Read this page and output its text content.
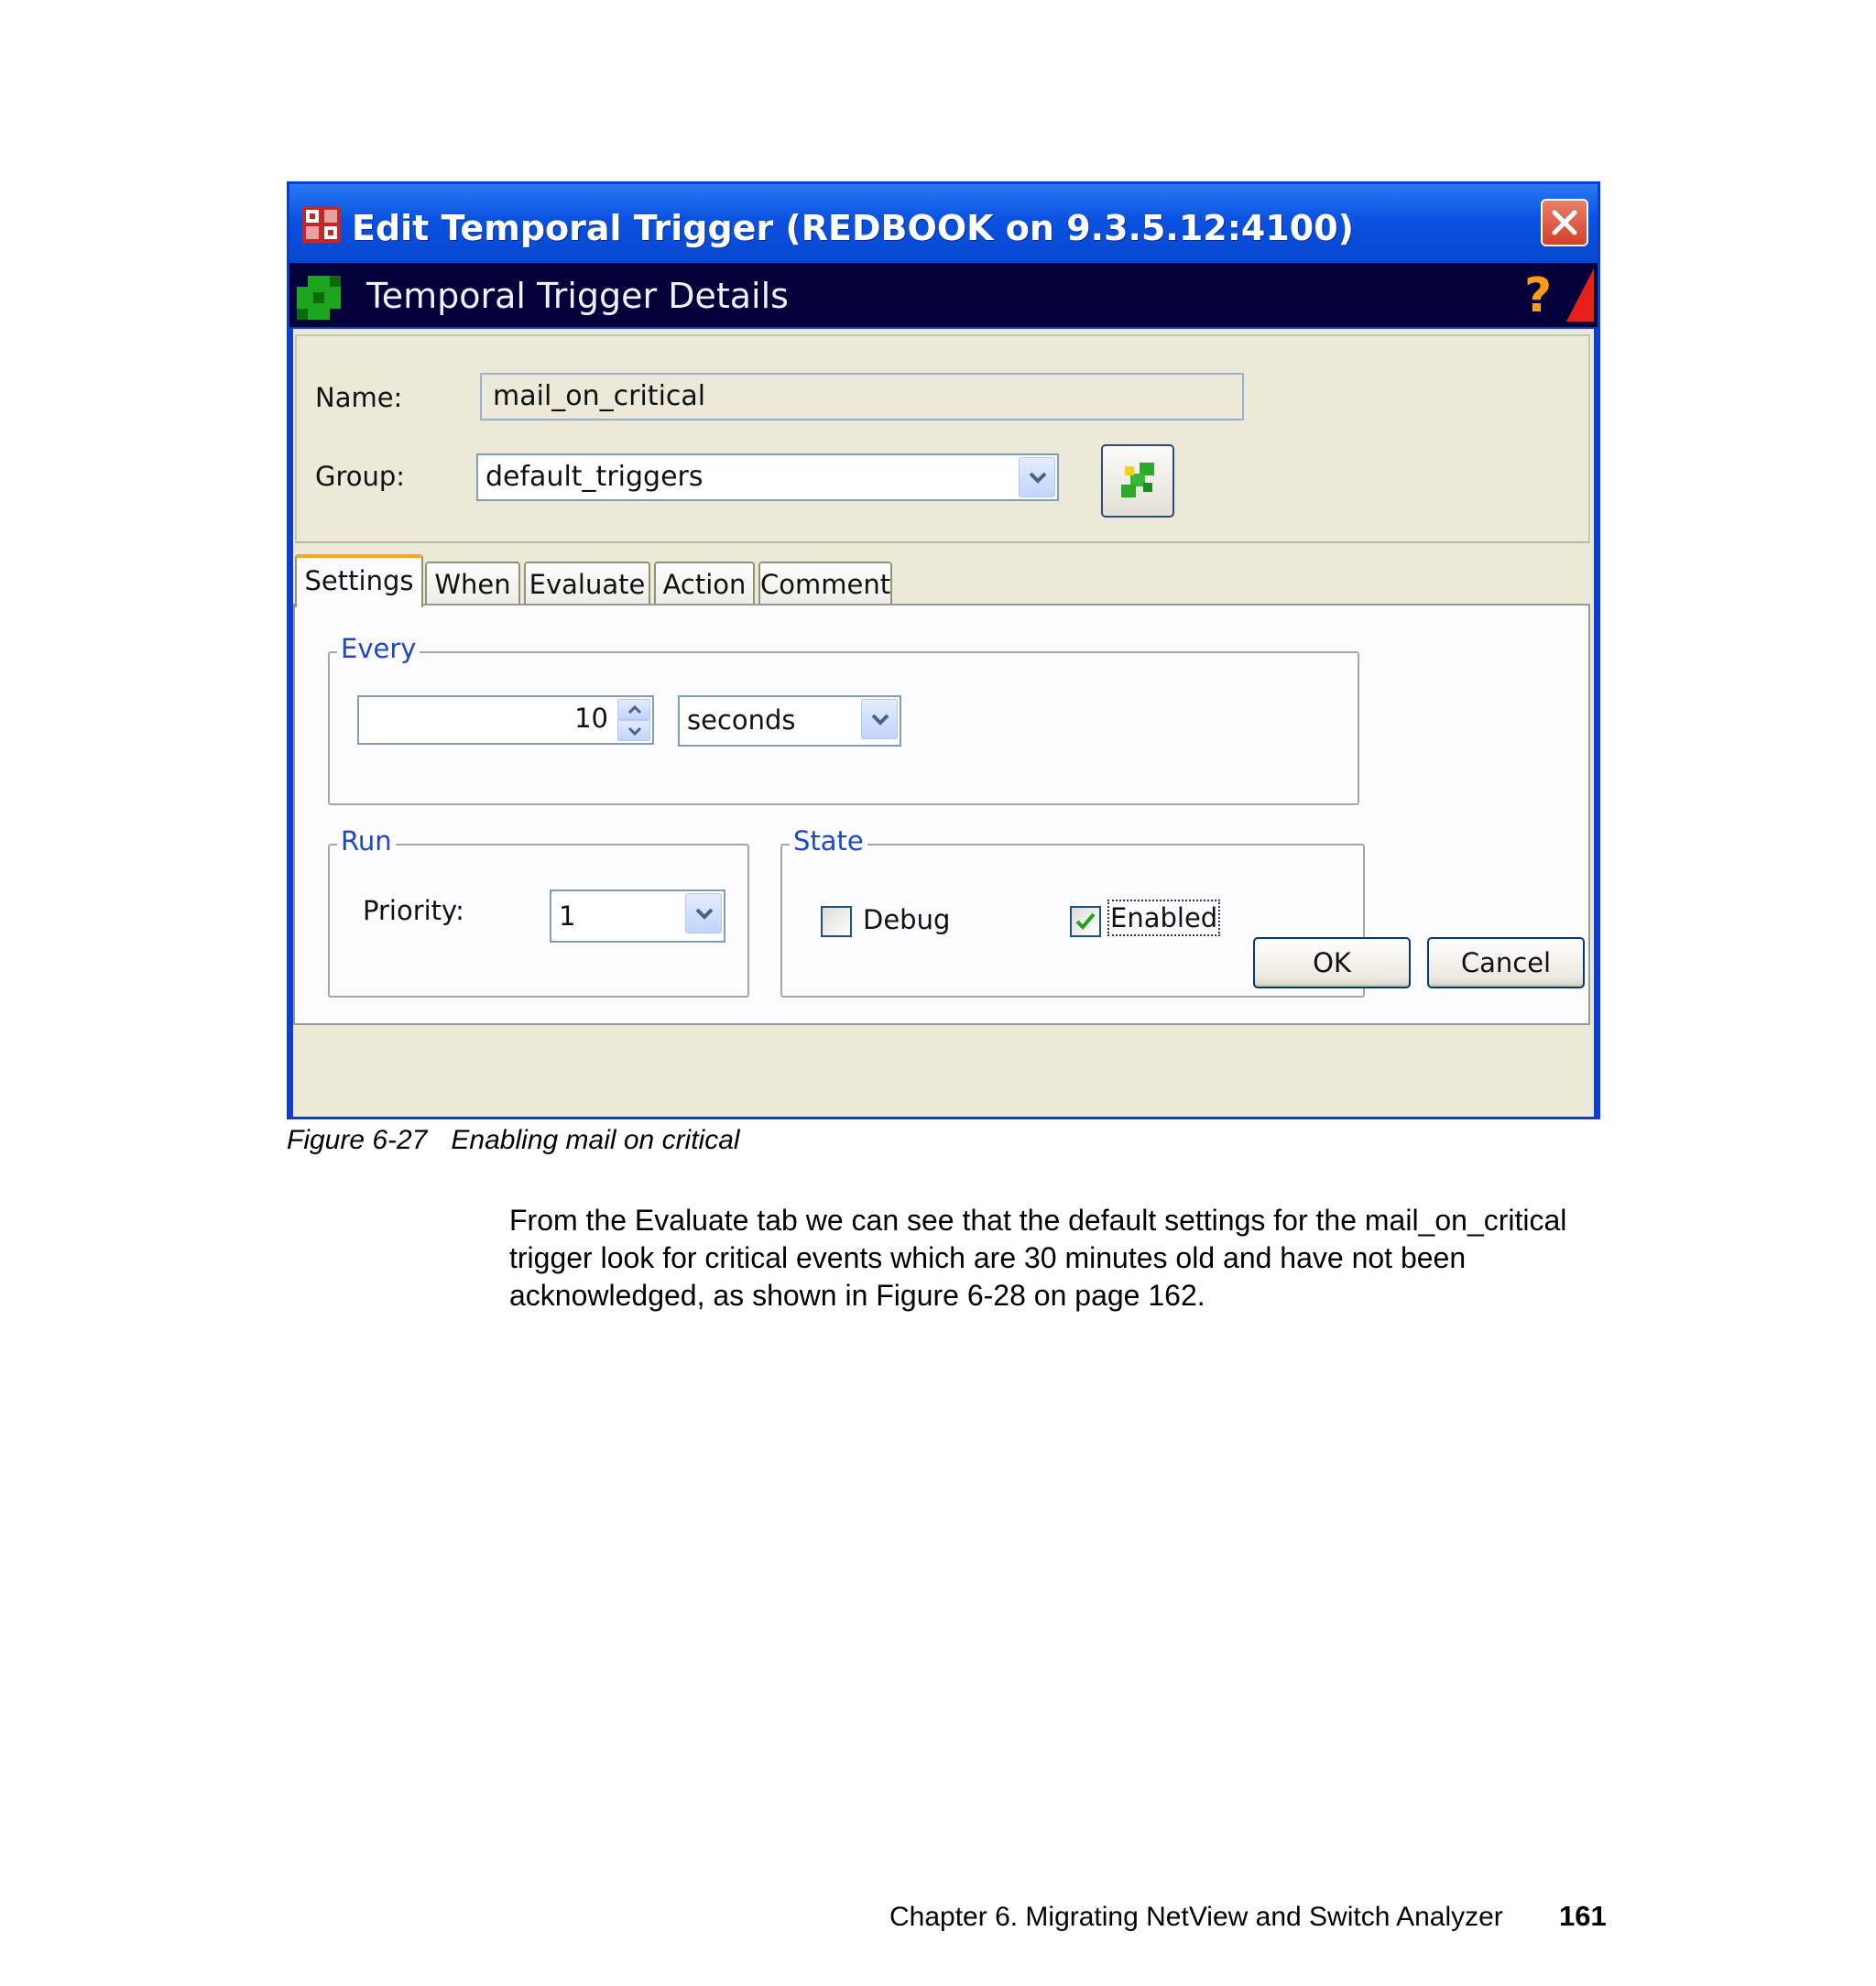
Edit Temporal Trigger (REDBOOK on 9.3.5.12:4100)
Temporal Trigger Details	?
Name:	mail_on_critical
Group:	default_triggers
Settings When Evaluate Action Comment
Every
10	seconds
Run
Priority:	1
State
Debug	Enabled
OK	Cancel
Figure 6-27 Enabling mail on critical
From the Evaluate tab we can see that the default settings for the mail_on_critical trigger look for critical events which are 30 minutes old and have not been acknowledged, as shown in Figure 6-28 on page 162.
Chapter 6. Migrating NetView and Switch Analyzer 161
